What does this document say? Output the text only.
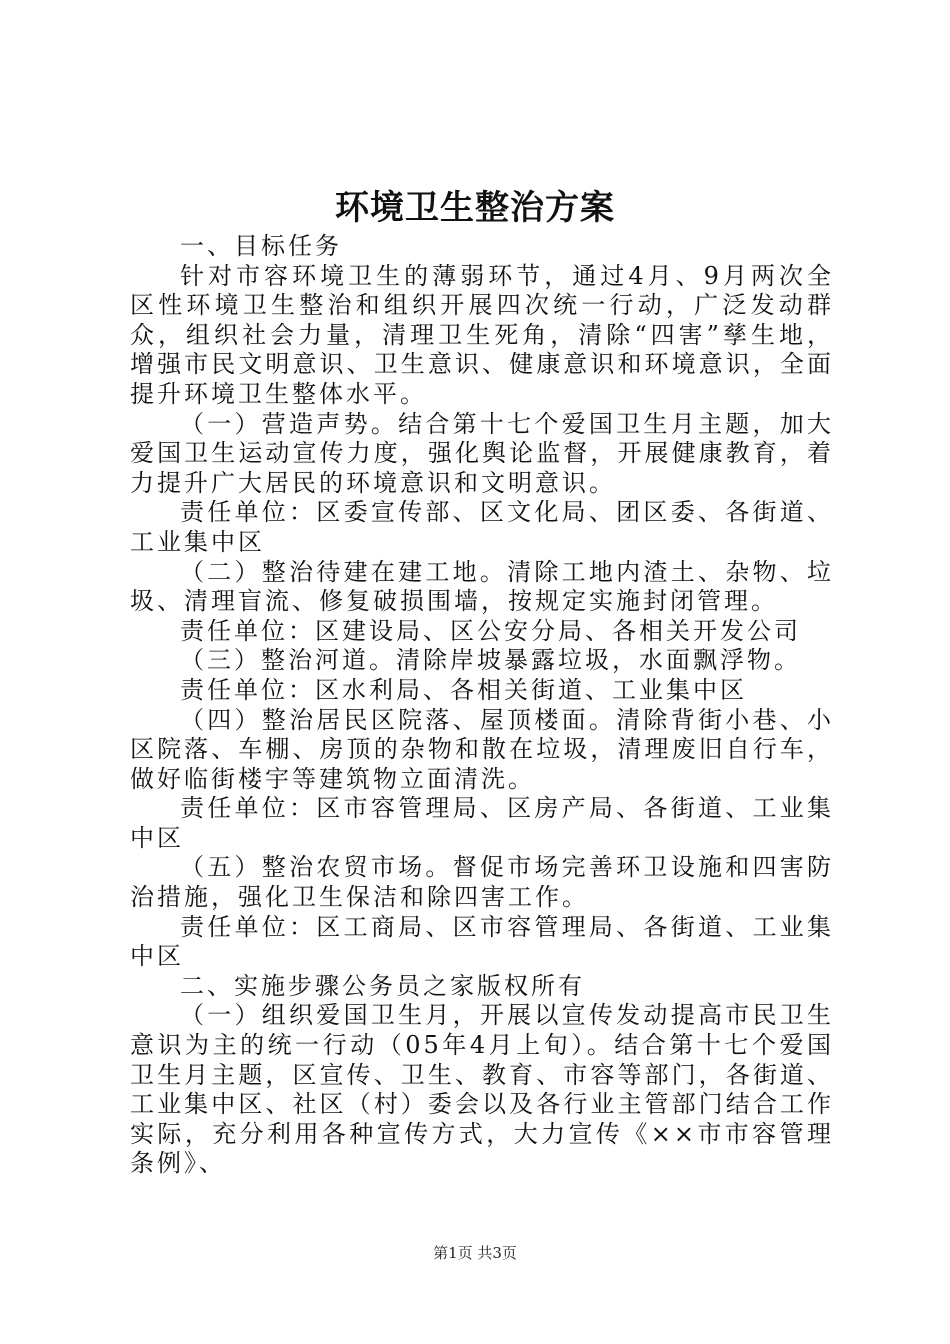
环境卫生整治方案

一、目标任务

针对市容环境卫生的薄弱环节，通过4月、9月两次全区性环境卫生整治和组织开展四次统一行动，广泛发动群众，组织社会力量，清理卫生死角，清除“四害”孳生地，增强市民文明意识、卫生意识、健康意识和环境意识，全面提升环境卫生整体水平。

（一）营造声势。结合第十七个爱国卫生月主题，加大爱国卫生运动宣传力度，强化舆论监督，开展健康教育，着力提升广大居民的环境意识和文明意识。

责任单位：区委宣传部、区文化局、团区委、各街道、工业集中区

（二）整治待建在建工地。清除工地内渣土、杂物、垃圾、清理盲流、修复破损围墙，按规定实施封闭管理。

责任单位：区建设局、区公安分局、各相关开发公司

（三）整治河道。清除岸坡暴露垃圾，水面飘浮物。

责任单位：区水利局、各相关街道、工业集中区

（四）整治居民区院落、屋顶楼面。清除背街小巷、小区院落、车棚、房顶的杂物和散在垃圾，清理废旧自行车，做好临街楼宇等建筑物立面清洗。

责任单位：区市容管理局、区房产局、各街道、工业集中区

（五）整治农贸市场。督促市场完善环卫设施和四害防治措施，强化卫生保洁和除四害工作。

责任单位：区工商局、区市容管理局、各街道、工业集中区

二、实施步骤公务员之家版权所有

（一）组织爱国卫生月，开展以宣传发动提高市民卫生意识为主的统一行动（05年4月上旬）。结合第十七个爱国卫生月主题，区宣传、卫生、教育、市容等部门，各街道、工业集中区、社区（村）委会以及各行业主管部门结合工作实际，充分利用各种宣传方式，大力宣传《××市市容管理条例》、

第1页 共3页
